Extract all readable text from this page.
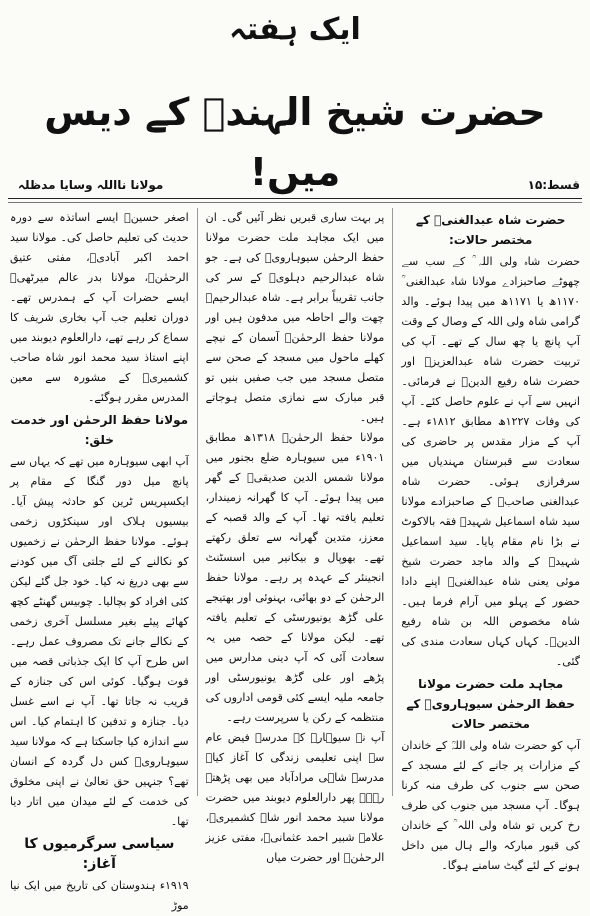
ایک ہفتہ
حضرت شیخ الہندؒ کے دیس میں!	قسط:۱۵
مولانا نااللہ وسایا مدظلہ
حضرت شاہ عبدالغنیؒ کے مختصر حالات:

حضرت شاہ ولی اللہ ؒ کے سب سے چھوٹے صاحبزادے مولانا شاہ عبدالغنی ؒ ۱۱۷۰ھ یا ۱۱۷۱ھ میں پیدا ہوئے۔ والد گرامی شاہ ولی اللہ کے وصال کے وقت آپ پانچ یا چھ سال کے تھے۔ آپ کی تربیت حضرت شاہ عبدالعزیزؒ اور حضرت شاہ رفیع الدینؒ نے فرمائی۔ انہیں سے آپ نے علوم حاصل کئے۔ آپ کی وفات ۱۲۲۷ھ مطابق ۱۸۱۲ء ہے۔ آپ کے مزار مقدس پر حاضری کی سعادت سے قبرستان مہندیاں میں سرفرازی ہوئی۔ حضرت شاہ عبدالغنی صاحبؒ کے صاحبزادے مولانا سید شاہ اسماعیل شہیدؒ فقہ بالاکوٹ نے بڑا نام مقام پایا۔ سید اسماعیل شہیدؒ کے والد ماجد حضرت شیخ موئی یعنی شاہ عبدالغنیؒ اپنے دادا حضور کے پہلو میں آرام فرما ہیں۔ شاہ مخصوص اللہ بن شاہ رفیع الدینؒ۔ کہاں کہاں سعادت مندی کی گئی۔

مجاہد ملت حضرت مولانا حفظ الرحمٰن سیوہارویؒ کے مختصر حالات

آپ کو حضرت شاہ ولی اللہؒ کے خاندان کے مزارات پر جانے کے لئے مسجد کے صحن سے جنوب کی طرف منہ کرنا ہوگا۔ آپ مسجد میں جنوب کی طرف رخ کریں تو شاہ ولی اللہ ؒ کے خاندان کی قبور مبارکہ والے ہال میں داخل ہونے کے لئے گیٹ سامنے ہوگا۔

پر بہت ساری قبریں نظر آئیں گی۔ ان میں ایک مجاہد ملت حضرت مولانا حفظ الرحمٰن سیوہارویؒ کی ہے۔ جو شاہ عبدالرحیم دہلویؒ کے سر کی جانب تقریباً برابر ہے۔ شاہ عبدالرحیمؒ چھت والے احاطہ میں مدفون ہیں اور مولانا حفظ الرحمٰنؒ آسمان کے نیچے کھلے ماحول میں مسجد کے صحن سے متصل مسجد میں جب صفیں بنیں تو قبر مبارک سے نمازی متصل ہوجاتے ہیں۔

مولانا حفظ الرحمٰنؒ ۱۳۱۸ھ مطابق ۱۹۰۱ء میں سیوہارہ ضلع بجنور میں مولانا شمس الدین صدیقیؒ کے گھر میں پیدا ہوئے۔ آپ کا گھرانہ زمیندار، تعلیم یافتہ تھا۔ آپ کے والد قصبہ کے معزز، متدین گھرانہ سے تعلق رکھتے تھے۔ بھوپال و بیکانیر میں اسسٹنٹ انجینئر کے عہدہ پر رہے۔ مولانا حفظ الرحمٰن کے دو بھائی، بہنوئی اور بھتیجے علی گڑھ یونیورسٹی کے تعلیم یافتہ تھے۔ لیکن مولانا کے حصہ میں یہ سعادت آئی کہ آپ دینی مدارس میں پڑھے اور علی گڑھ یونیورسٹی اور جامعہ ملیہ ایسے کئی قومی اداروں کی منتظمہ کے رکن یا سرپرست رہے۔

آپ نے سیوہارہ کے مدرسہ فیض عام سے اپنی تعلیمی زندگی کا آغاز کیا۔ مدرسہ شاہی مرادآباد میں بھی پڑھتے رہے۔ پھر دارالعلوم دیوبند میں حضرت مولانا سید محمد انور شاہ کشمیریؒ، علامہ شبیر احمد عثمانیؒ، مفتی عزیز الرحمٰنؒ اور حضرت میاں

اصغر حسینؒ ایسے اساتذہ سے دورہ حدیث کی تعلیم حاصل کی۔ مولانا سید احمد اکبر آبادیؒ، مفتی عتیق الرحمٰنؒ، مولانا بدر عالم میرٹھیؒ ایسے حضرات آپ کے ہمدرس تھے۔ دوران تعلیم جب آپ بخاری شریف کا سماع کر رہے تھے، دارالعلوم دیوبند میں اپنے استاذ سید محمد انور شاہ صاحب کشمیریؒ کے مشورہ سے معین المدرس مقرر ہوگئے۔

مولانا حفظ الرحمٰن اور خدمت خلق:

آپ ابھی سیوہارہ میں تھے کہ یہاں سے پانچ میل دور گنگا کے مقام پر ایکسپریس ٹرین کو حادثہ پیش آیا۔ بیسیوں ہلاک اور سینکڑوں زخمی ہوئے۔ مولانا حفظ الرحمٰن نے زخمیوں کو نکالنے کے لئے جلتی آگ میں کودنے سے بھی دریغ نہ کیا۔ خود جل گئے لیکن کئی افراد کو بچالیا۔ چوبیس گھنٹے کچھ کھائے پیئے بغیر مسلسل آخری زخمی کے نکالے جانے تک مصروف عمل رہے۔ اس طرح آپ کا ایک جذباتی قصہ میں فوت ہوگیا۔ کوئی اس کی جنازہ کے قریب نہ جاتا تھا۔ آپ نے اسے غسل دیا۔ جنازہ و تدفین کا اہتمام کیا۔ اس سے اندازہ کیا جاسکتا ہے کہ مولانا سید سیوہارویؒ کس دل گردہ کے انسان تھے؟ جنہیں حق تعالیٰ نے اپنی مخلوق کی خدمت کے لئے میدان میں اتار دیا تھا۔

سیاسی سرگرمیوں کا آغاز:

۱۹۱۹ء ہندوستان کی تاریخ میں ایک نیا موڑ
